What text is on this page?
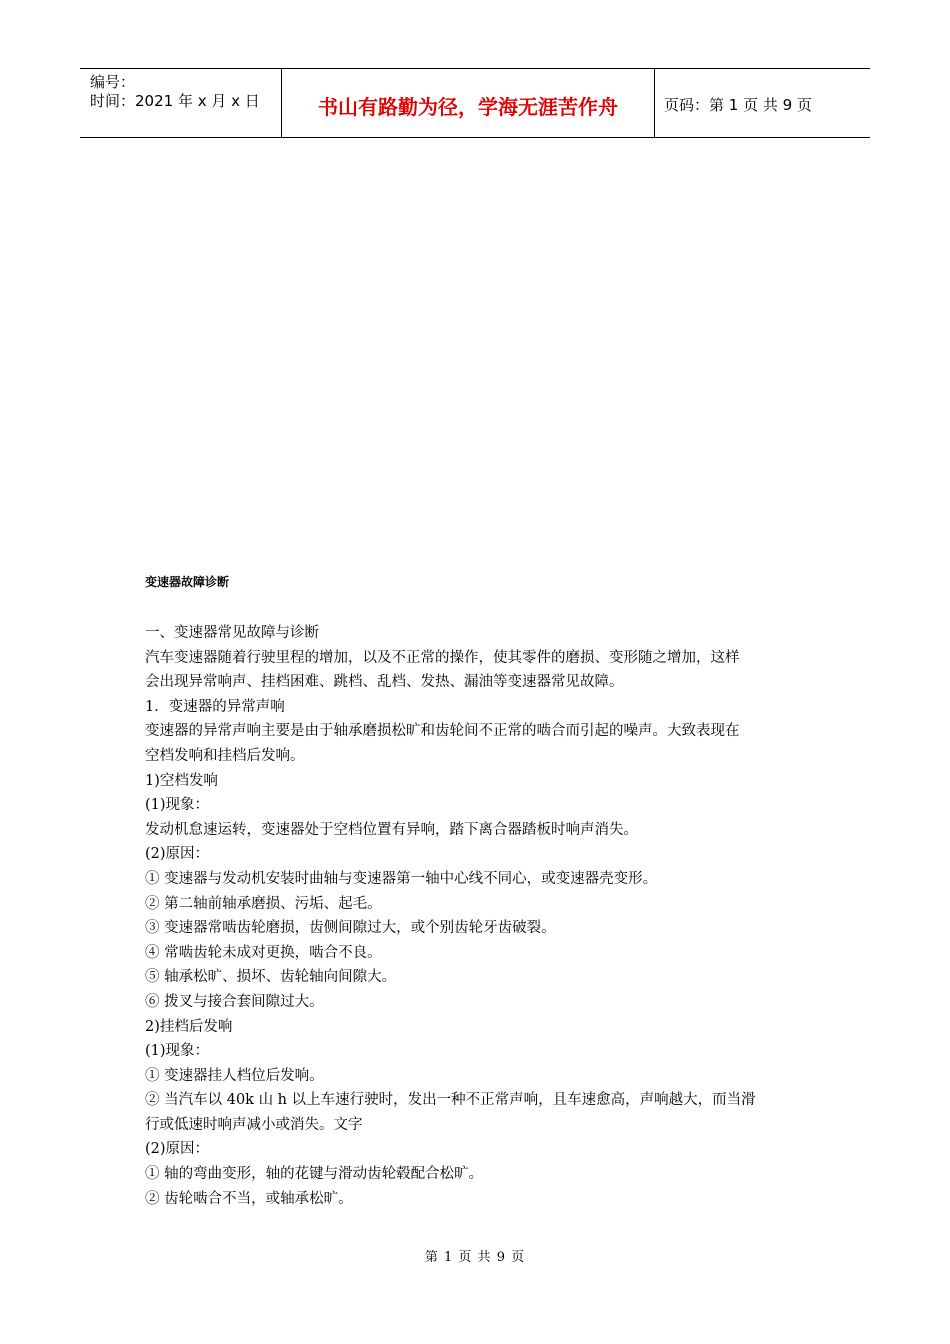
编号：
时间：2021 年 x 月 x 日	书山有路勤为径，学海无涯苦作舟	页码：第 1 页 共 9 页
变速器故障诊断

一、变速器常见故障与诊断

汽车变速器随着行驶里程的增加，以及不正常的操作，使其零件的磨损、变形随之增加，这样

会出现异常响声、挂档困难、跳档、乱档、发热、漏油等变速器常见故障。

1．变速器的异常声响

变速器的异常声响主要是由于轴承磨损松旷和齿轮间不正常的啮合而引起的噪声。大致表现在

空档发响和挂档后发响。

1)空档发响

(1)现象：

发动机怠速运转，变速器处于空档位置有异响，踏下离合器踏板时响声消失。

(2)原因：

① 变速器与发动机安装时曲轴与变速器第一轴中心线不同心，或变速器壳变形。

② 第二轴前轴承磨损、污垢、起毛。

③ 变速器常啮齿轮磨损，齿侧间隙过大，或个别齿轮牙齿破裂。

④ 常啮齿轮未成对更换，啮合不良。

⑤ 轴承松旷、损坏、齿轮轴向间隙大。

⑥ 拨叉与接合套间隙过大。

2)挂档后发响

(1)现象：

① 变速器挂人档位后发响。

② 当汽车以 40k 山 h 以上车速行驶时，发出一种不正常声响，且车速愈高，声响越大，而当滑

行或低速时响声减小或消失。文字

(2)原因：

① 轴的弯曲变形，轴的花键与滑动齿轮毂配合松旷。

② 齿轮啮合不当，或轴承松旷。

第 1 页 共 9 页
